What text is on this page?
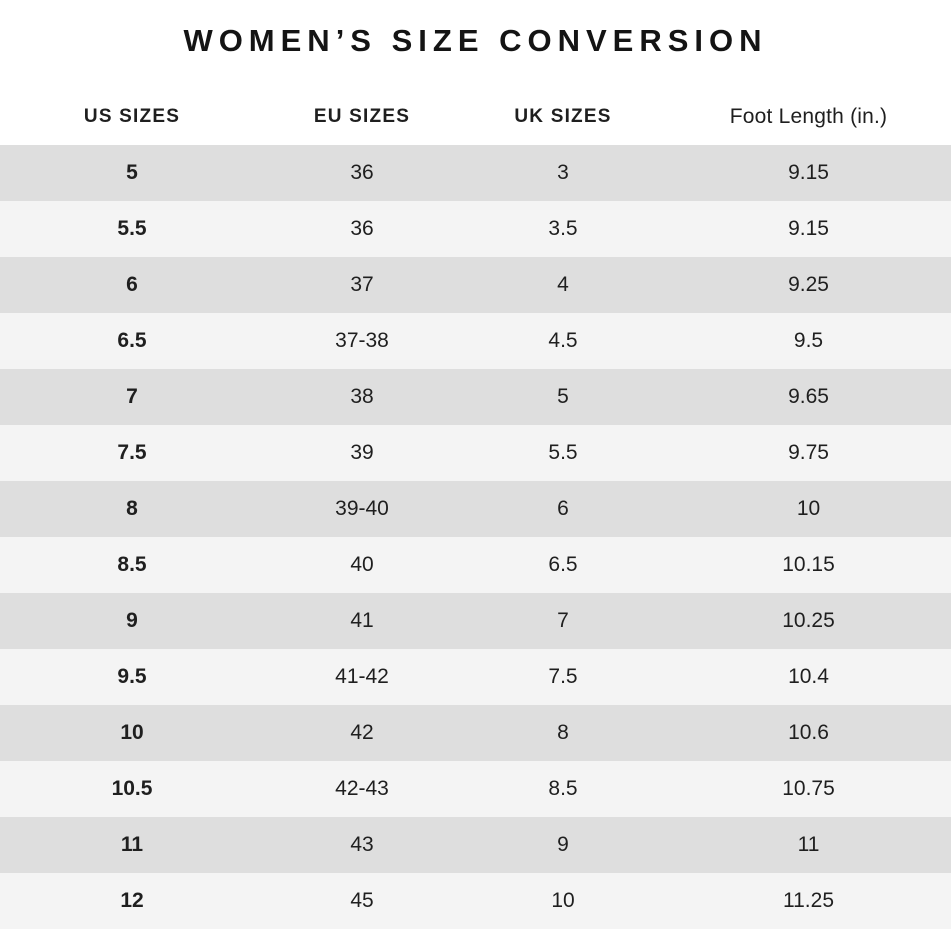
WOMEN’S SIZE CONVERSION
US SIZES	EU SIZES	UK SIZES	Foot Length (in.)
5	36	3	9.15
5.5	36	3.5	9.15
6	37	4	9.25
6.5	37-38	4.5	9.5
7	38	5	9.65
7.5	39	5.5	9.75
8	39-40	6	10
8.5	40	6.5	10.15
9	41	7	10.25
9.5	41-42	7.5	10.4
10	42	8	10.6
10.5	42-43	8.5	10.75
11	43	9	11
12	45	10	11.25
